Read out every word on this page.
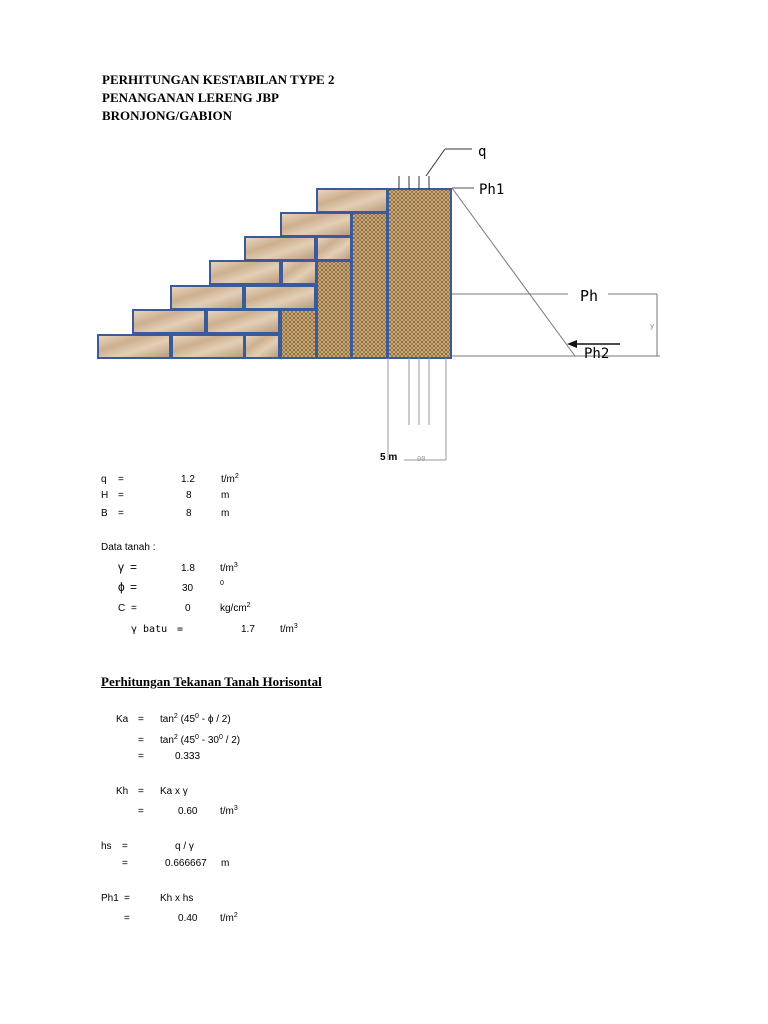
PERHITUNGAN KESTABILAN TYPE 2
PENANGANAN LERENG JBP
BRONJONG/GABION
q
Ph1
Ph
y
Ph2
5 m	00
q =	1.2	$t/m^2$
H =	8	m
B =	8	m
Data tanah :
γ =	1.8	$t/m^3$
ϕ =	30	0
C =	0	$kg/cm^2$
γ batu =	1.7	$t/m^3$
Perhitungan Tekanan Tanah Horisontal
$Ka = \tan^2 (45^0 - \phi / 2)$
= $\tan^2 (45^0 - 30^0 / 2)$
=	0.333
Kh = Ka x γ
=	0.60 $t/m^3$
hs =	q / γ
=	0.666667 m
Ph1 =	Kh x hs
=	0.40 $t/m^2$
